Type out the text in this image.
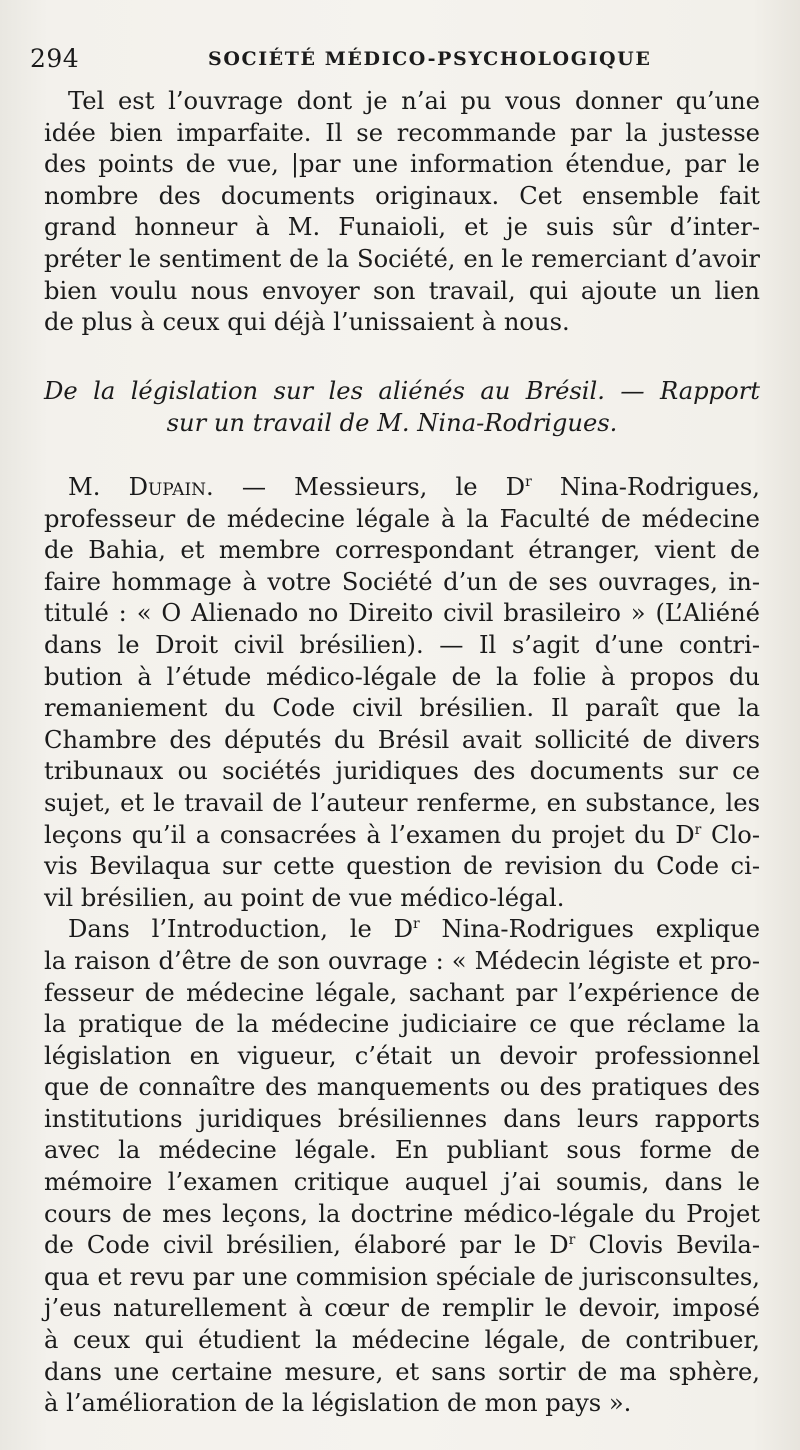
294	SOCIÉTÉ MÉDICO-PSYCHOLOGIQUE
Tel est l’ouvrage dont je n’ai pu vous donner qu’une
idée bien imparfaite. Il se recommande par la justesse
des points de vue, |par une information étendue, par le
nombre des documents originaux. Cet ensemble fait
grand honneur à M. Funaioli, et je suis sûr d’inter-
préter le sentiment de la Société, en le remerciant d’avoir
bien voulu nous envoyer son travail, qui ajoute un lien
de plus à ceux qui déjà l’unissaient à nous.
De la législation sur les aliénés au Brésil. — Rapport
sur un travail de M. Nina-Rodrigues.
M. Dupain. — Messieurs, le $D^r$ Nina-Rodrigues,
professeur de médecine légale à la Faculté de médecine
de Bahia, et membre correspondant étranger, vient de
faire hommage à votre Société d’un de ses ouvrages, in-
titulé : « O Alienado no Direito civil brasileiro » (L’Aliéné
dans le Droit civil brésilien). — Il s’agit d’une contri-
bution à l’étude médico-légale de la folie à propos du
remaniement du Code civil brésilien. Il paraît que la
Chambre des députés du Brésil avait sollicité de divers
tribunaux ou sociétés juridiques des documents sur ce
sujet, et le travail de l’auteur renferme, en substance, les
leçons qu’il a consacrées à l’examen du projet du $D^r$ Clo-
vis Bevilaqua sur cette question de revision du Code ci-
vil brésilien, au point de vue médico-légal.
Dans l’Introduction, le $D^r$ Nina-Rodrigues explique
la raison d’être de son ouvrage : « Médecin légiste et pro-
fesseur de médecine légale, sachant par l’expérience de
la pratique de la médecine judiciaire ce que réclame la
législation en vigueur, c’était un devoir professionnel
que de connaître des manquements ou des pratiques des
institutions juridiques brésiliennes dans leurs rapports
avec la médecine légale. En publiant sous forme de
mémoire l’examen critique auquel j’ai soumis, dans le
cours de mes leçons, la doctrine médico-légale du Projet
de Code civil brésilien, élaboré par le $D^r$ Clovis Bevila-
qua et revu par une commision spéciale de jurisconsultes,
j’eus naturellement à cœur de remplir le devoir, imposé
à ceux qui étudient la médecine légale, de contribuer,
dans une certaine mesure, et sans sortir de ma sphère,
à l’amélioration de la législation de mon pays ».
